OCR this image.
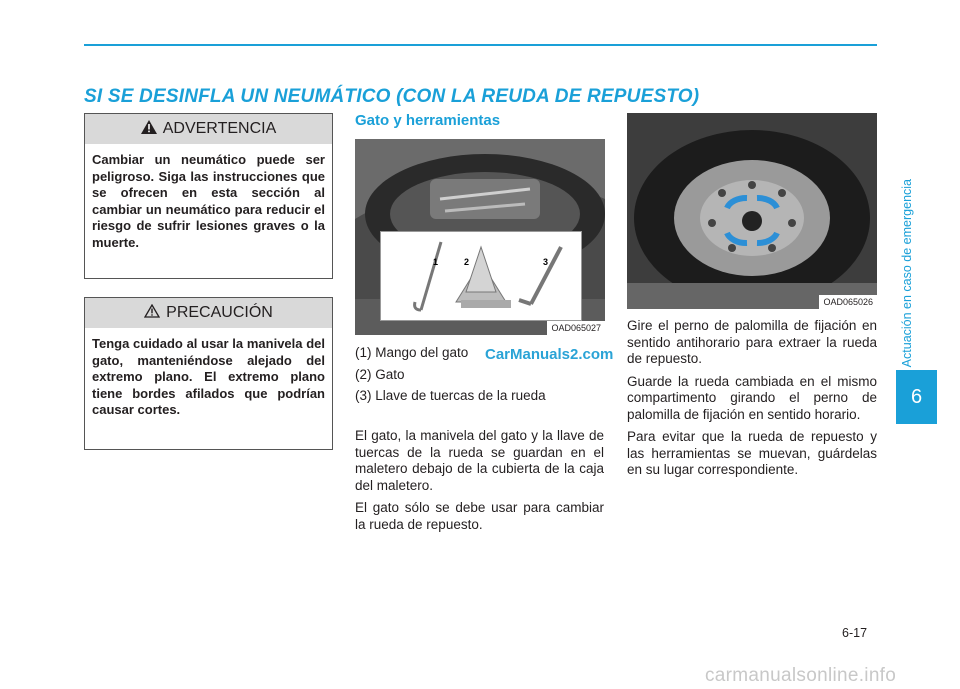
SI SE DESINFLA UN NEUMÁTICO (CON LA REUDA DE REPUESTO)
Actuación en caso de emergencia
6
ADVERTENCIA
Cambiar un neumático puede ser peligroso. Siga las instrucciones que se ofrecen en esta sección al cambiar un neumático para reducir el riesgo de sufrir lesiones graves o la muerte.
PRECAUCIÓN
Tenga cuidado al usar la manivela del gato, manteniéndose alejado del extremo plano. El extremo plano tiene bordes afilados que podrían causar cortes.
Gato y herramientas
1	2	3
OAD065027
(1) Mango del gato
(2) Gato
(3) Llave de tuercas de la rueda
CarManuals2.com

El gato, la manivela del gato y la llave de tuercas de la rueda se guardan en el maletero debajo de la cubierta de la caja del maletero.

El gato sólo se debe usar para cambiar la rueda de repuesto.

OAD065026

Gire el perno de palomilla de fijación en sentido antihorario para extraer la rueda de repuesto.

Guarde la rueda cambiada en el mismo compartimento girando el perno de palomilla de fijación en sentido horario.

Para evitar que la rueda de repuesto y las herramientas se muevan, guárdelas en su lugar correspondiente.

6-17
carmanualsonline.info
